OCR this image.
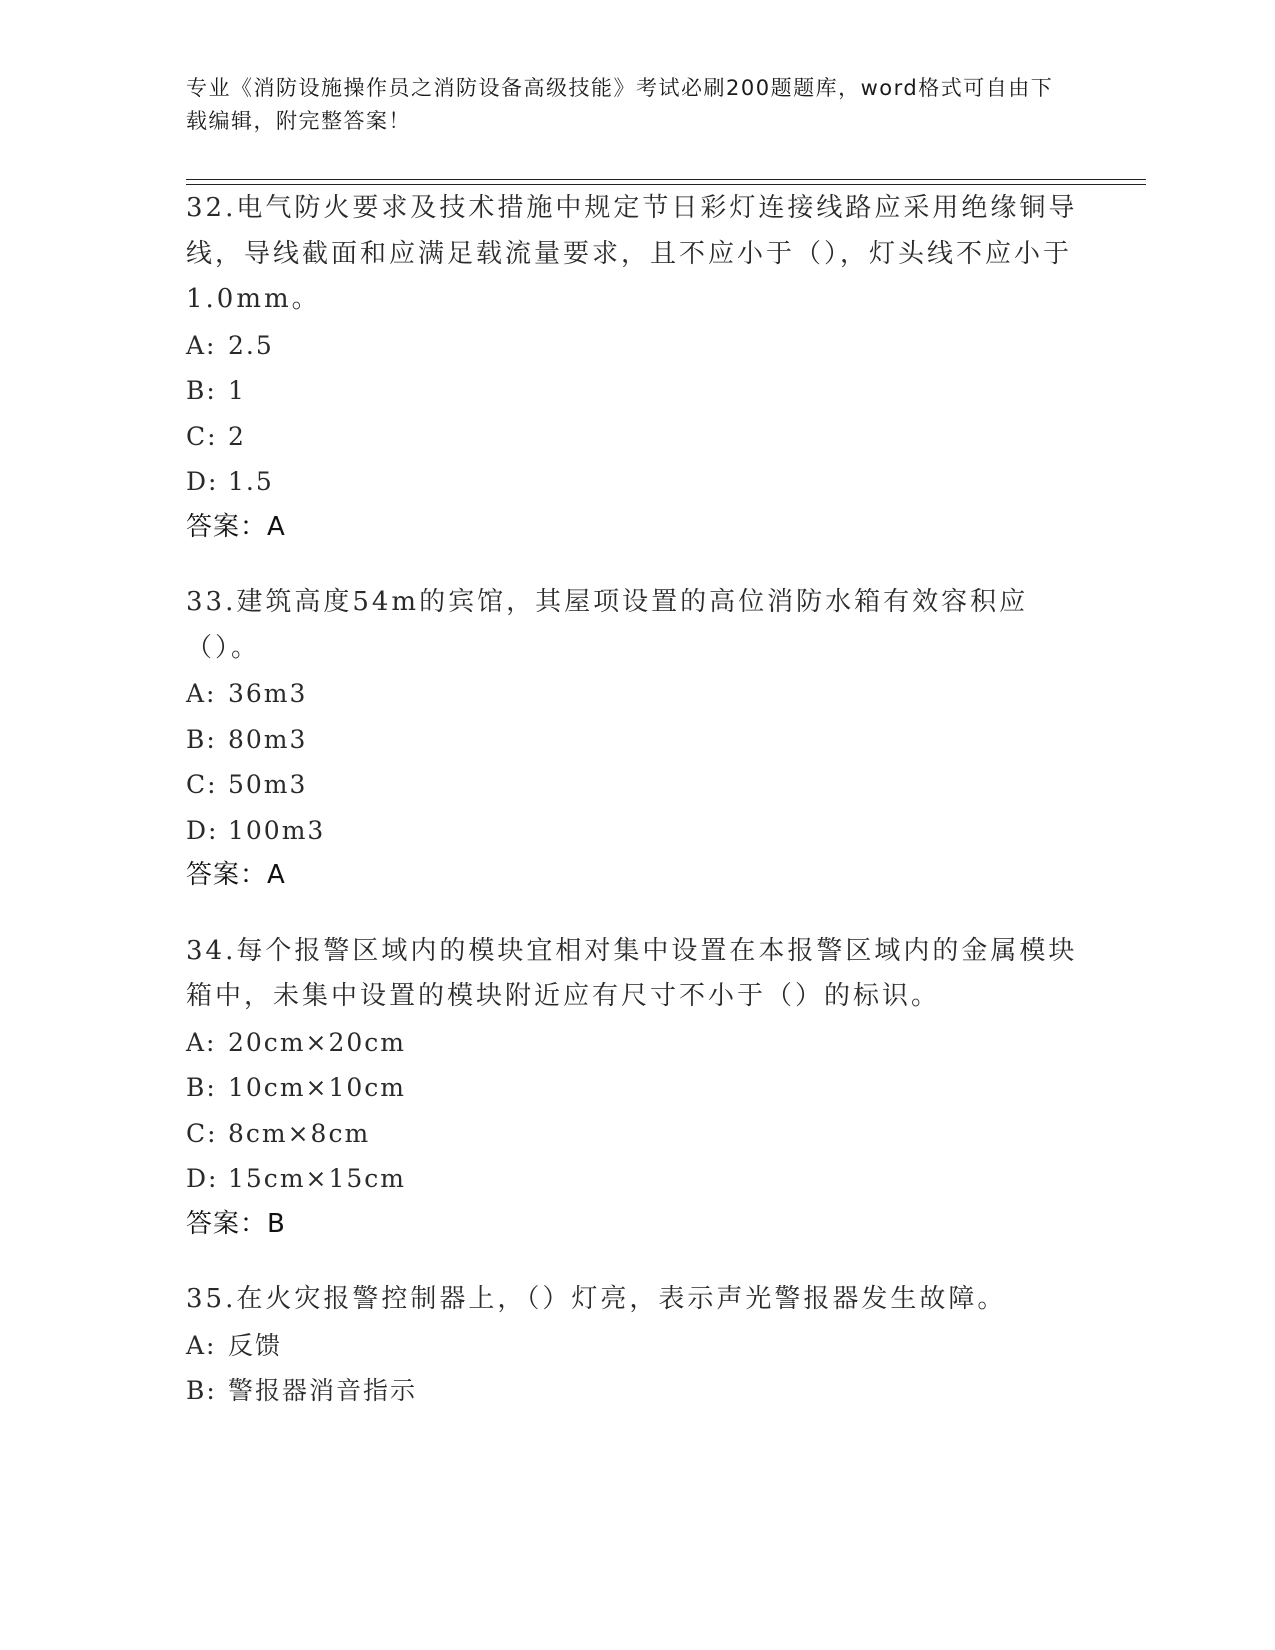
专业《消防设施操作员之消防设备高级技能》考试必刷200题题库，word格式可自由下载编辑，附完整答案！
32.电气防火要求及技术措施中规定节日彩灯连接线路应采用绝缘铜导线，导线截面和应满足载流量要求，且不应小于（），灯头线不应小于1.0mm。
A: 2.5
B: 1
C: 2
D: 1.5
答案：A
33.建筑高度54m的宾馆，其屋项设置的高位消防水箱有效容积应（）。
A: 36m3
B: 80m3
C: 50m3
D: 100m3
答案：A
34.每个报警区域内的模块宜相对集中设置在本报警区域内的金属模块箱中，未集中设置的模块附近应有尺寸不小于（）的标识。
A: 20cm×20cm
B: 10cm×10cm
C: 8cm×8cm
D: 15cm×15cm
答案：B
35.在火灾报警控制器上，（）灯亮，表示声光警报器发生故障。
A: 反馈
B: 警报器消音指示
